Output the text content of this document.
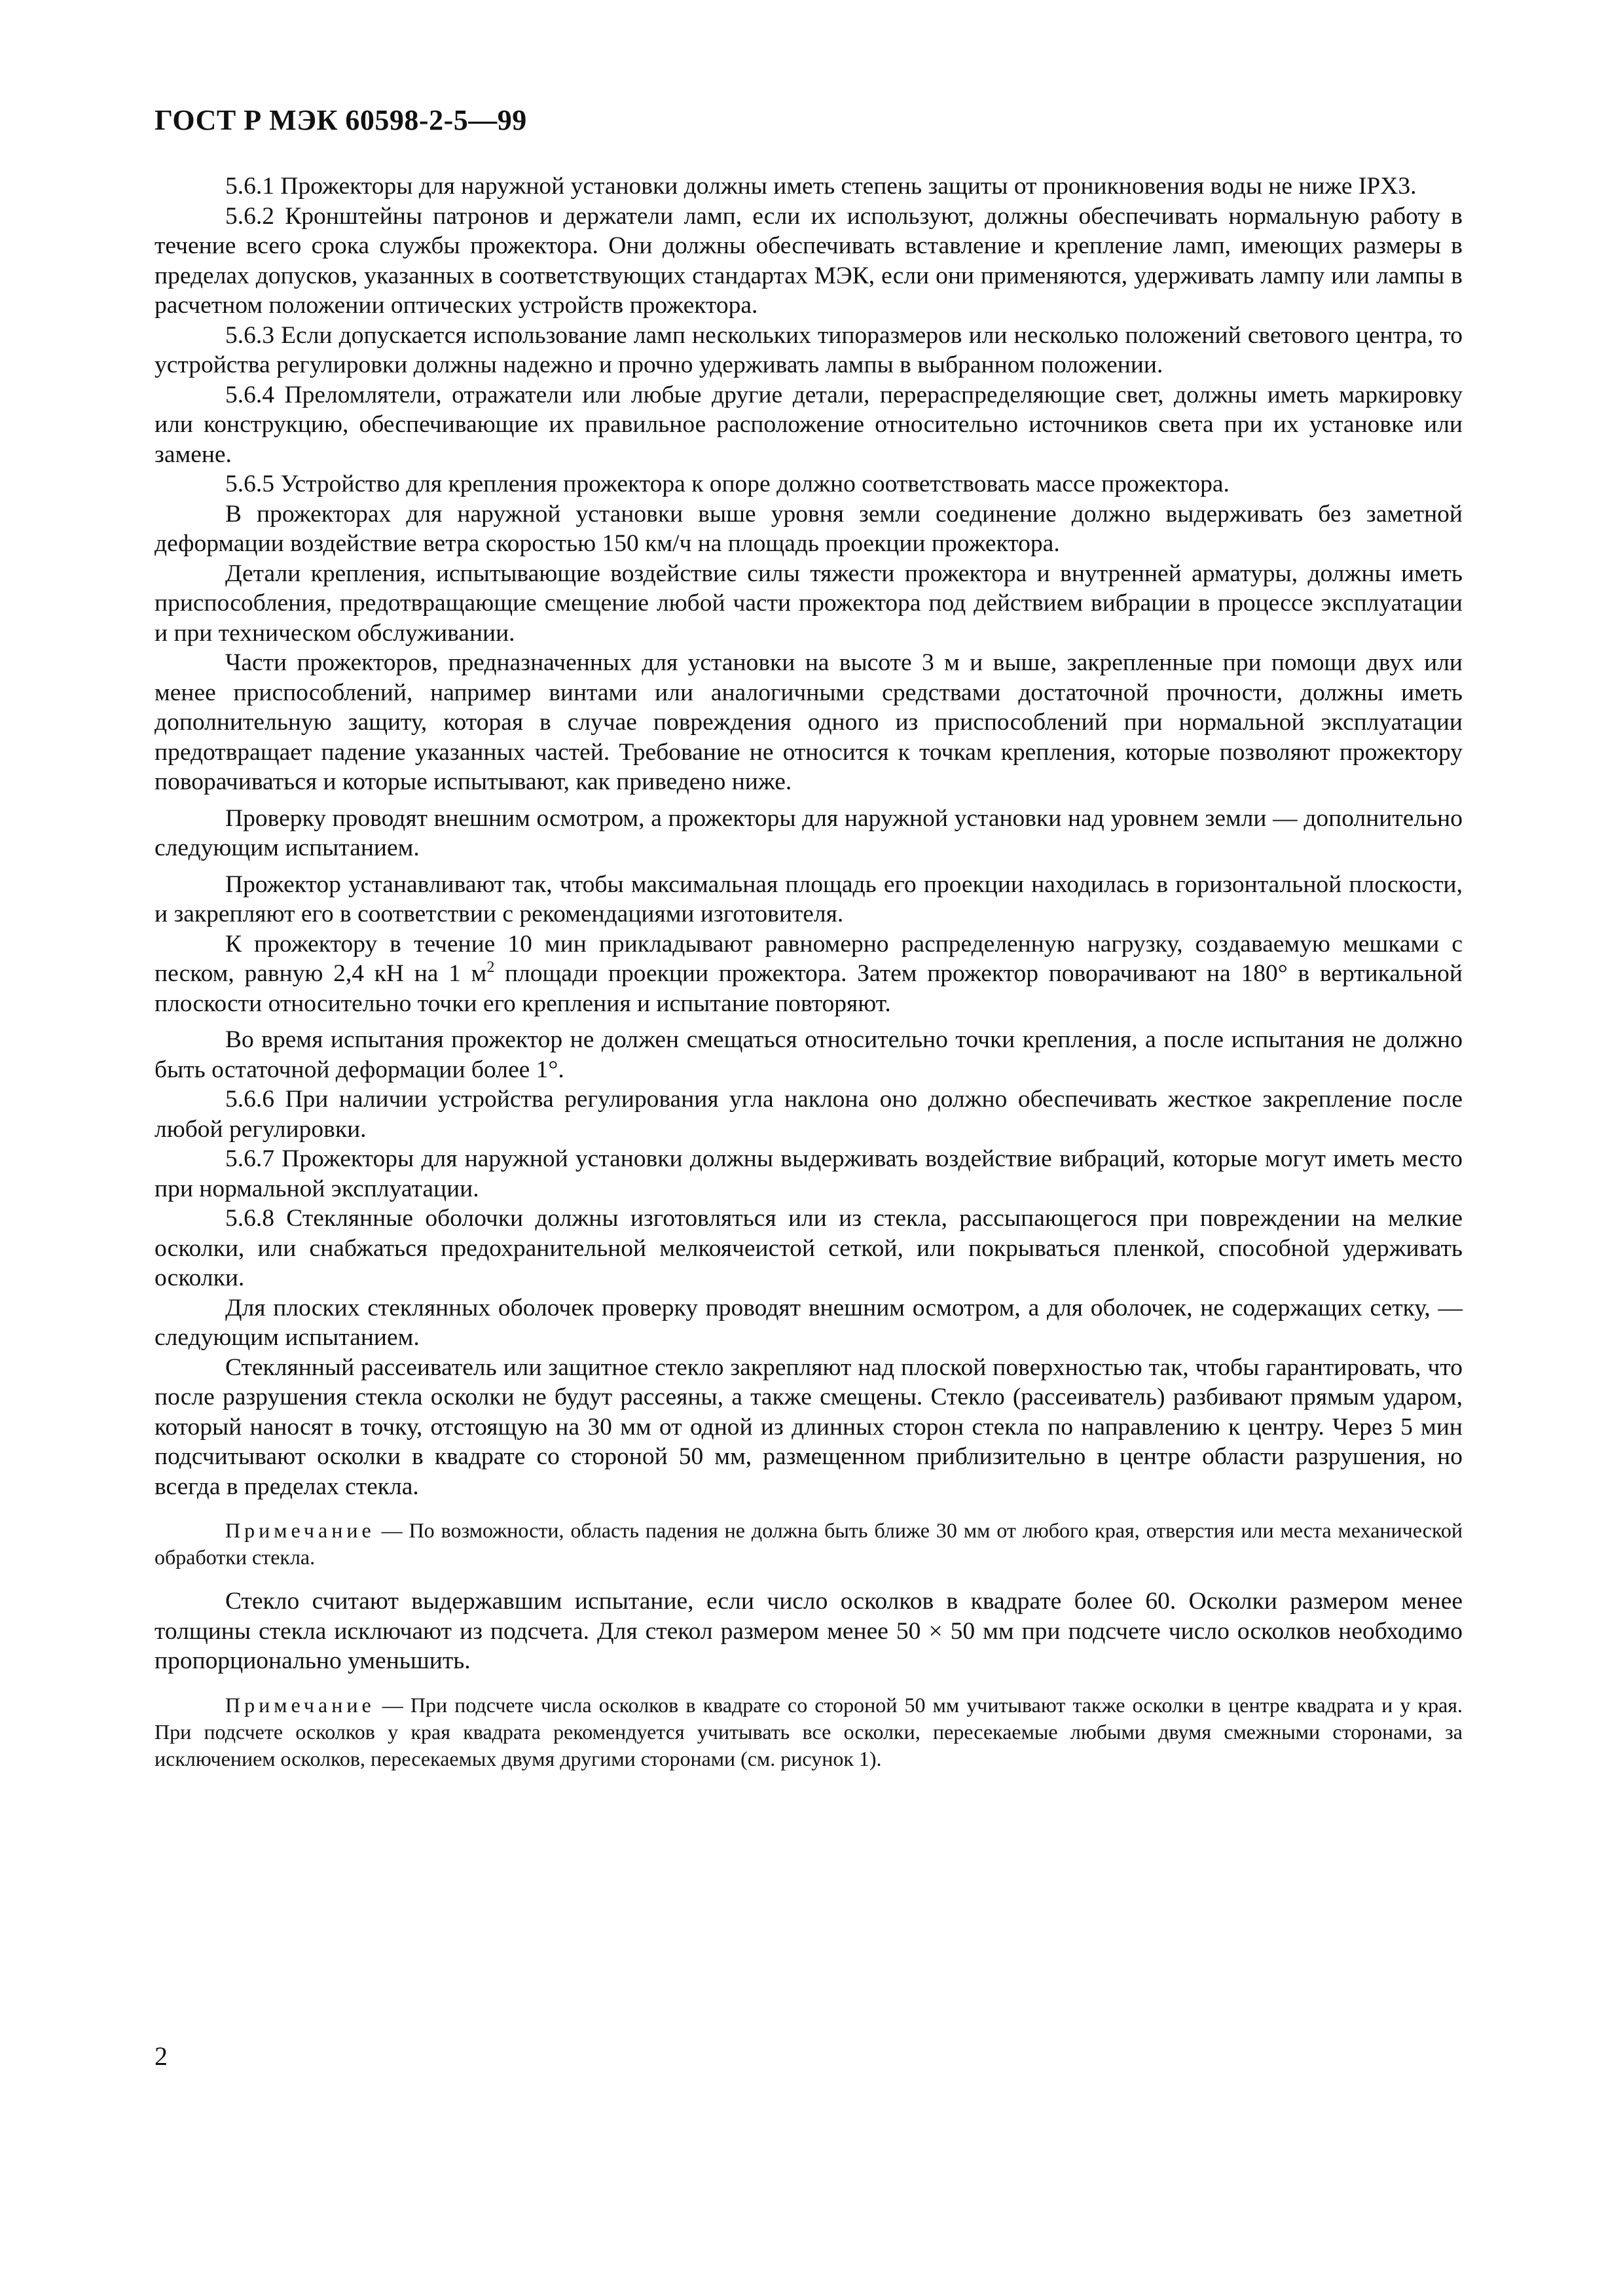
ГОСТ Р МЭК 60598-2-5—99

5.6.1 Прожекторы для наружной установки должны иметь степень защиты от проникновения воды не ниже IPX3.

5.6.2 Кронштейны патронов и держатели ламп, если их используют, должны обеспечивать нормальную работу в течение всего срока службы прожектора. Они должны обеспечивать вставление и крепление ламп, имеющих размеры в пределах допусков, указанных в соответствующих стандартах МЭК, если они применяются, удерживать лампу или лампы в расчетном положении оптических устройств прожектора.

5.6.3 Если допускается использование ламп нескольких типоразмеров или несколько положений светового центра, то устройства регулировки должны надежно и прочно удерживать лампы в выбранном положении.

5.6.4 Преломлятели, отражатели или любые другие детали, перераспределяющие свет, должны иметь маркировку или конструкцию, обеспечивающие их правильное расположение относительно источников света при их установке или замене.

5.6.5 Устройство для крепления прожектора к опоре должно соответствовать массе прожектора.

В прожекторах для наружной установки выше уровня земли соединение должно выдерживать без заметной деформации воздействие ветра скоростью 150 км/ч на площадь проекции прожектора.

Детали крепления, испытывающие воздействие силы тяжести прожектора и внутренней арматуры, должны иметь приспособления, предотвращающие смещение любой части прожектора под действием вибрации в процессе эксплуатации и при техническом обслуживании.

Части прожекторов, предназначенных для установки на высоте 3 м и выше, закрепленные при помощи двух или менее приспособлений, например винтами или аналогичными средствами достаточной прочности, должны иметь дополнительную защиту, которая в случае повреждения одного из приспособлений при нормальной эксплуатации предотвращает падение указанных частей. Требование не относится к точкам крепления, которые позволяют прожектору поворачиваться и которые испытывают, как приведено ниже.

Проверку проводят внешним осмотром, а прожекторы для наружной установки над уровнем земли — дополнительно следующим испытанием.

Прожектор устанавливают так, чтобы максимальная площадь его проекции находилась в горизонтальной плоскости, и закрепляют его в соответствии с рекомендациями изготовителя.

К прожектору в течение 10 мин прикладывают равномерно распределенную нагрузку, создаваемую мешками с песком, равную 2,4 кН на 1 $м^2$ площади проекции прожектора. Затем прожектор поворачивают на 180° в вертикальной плоскости относительно точки его крепления и испытание повторяют.

Во время испытания прожектор не должен смещаться относительно точки крепления, а после испытания не должно быть остаточной деформации более 1°.

5.6.6 При наличии устройства регулирования угла наклона оно должно обеспечивать жесткое закрепление после любой регулировки.

5.6.7 Прожекторы для наружной установки должны выдерживать воздействие вибраций, которые могут иметь место при нормальной эксплуатации.

5.6.8 Стеклянные оболочки должны изготовляться или из стекла, рассыпающегося при повреждении на мелкие осколки, или снабжаться предохранительной мелкоячеистой сеткой, или покрываться пленкой, способной удерживать осколки.

Для плоских стеклянных оболочек проверку проводят внешним осмотром, а для оболочек, не содержащих сетку, — следующим испытанием.

Стеклянный рассеиватель или защитное стекло закрепляют над плоской поверхностью так, чтобы гарантировать, что после разрушения стекла осколки не будут рассеяны, а также смещены. Стекло (рассеиватель) разбивают прямым ударом, который наносят в точку, отстоящую на 30 мм от одной из длинных сторон стекла по направлению к центру. Через 5 мин подсчитывают осколки в квадрате со стороной 50 мм, размещенном приблизительно в центре области разрушения, но всегда в пределах стекла.

Примечание — По возможности, область падения не должна быть ближе 30 мм от любого края, отверстия или места механической обработки стекла.

Стекло считают выдержавшим испытание, если число осколков в квадрате более 60. Осколки размером менее толщины стекла исключают из подсчета. Для стекол размером менее 50 × 50 мм при подсчете число осколков необходимо пропорционально уменьшить.

Примечание — При подсчете числа осколков в квадрате со стороной 50 мм учитывают также осколки в центре квадрата и у края. При подсчете осколков у края квадрата рекомендуется учитывать все осколки, пересекаемые любыми двумя смежными сторонами, за исключением осколков, пересекаемых двумя другими сторонами (см. рисунок 1).

2
